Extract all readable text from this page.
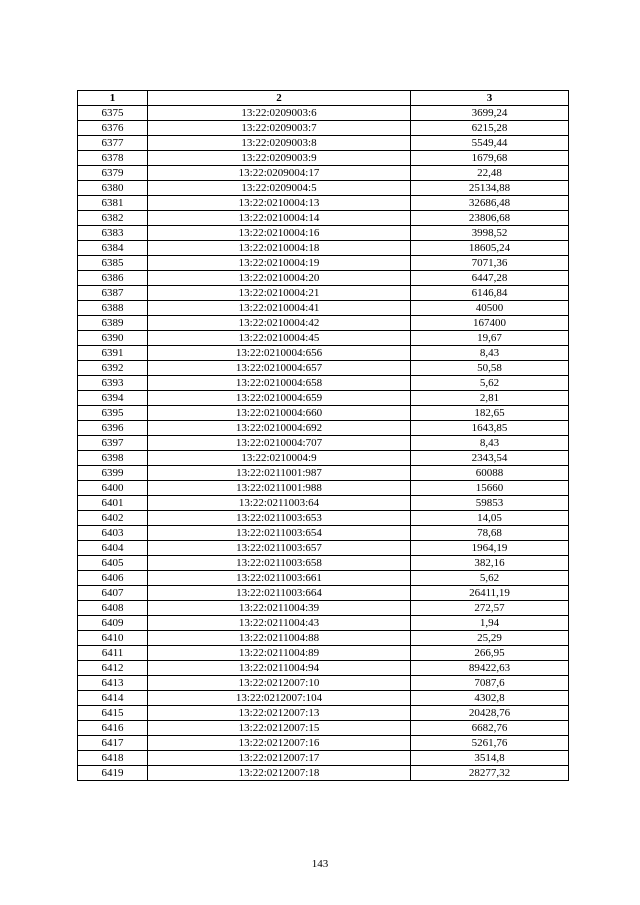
1	2	3
6375	13:22:0209003:6	3699,24
6376	13:22:0209003:7	6215,28
6377	13:22:0209003:8	5549,44
6378	13:22:0209003:9	1679,68
6379	13:22:0209004:17	22,48
6380	13:22:0209004:5	25134,88
6381	13:22:0210004:13	32686,48
6382	13:22:0210004:14	23806,68
6383	13:22:0210004:16	3998,52
6384	13:22:0210004:18	18605,24
6385	13:22:0210004:19	7071,36
6386	13:22:0210004:20	6447,28
6387	13:22:0210004:21	6146,84
6388	13:22:0210004:41	40500
6389	13:22:0210004:42	167400
6390	13:22:0210004:45	19,67
6391	13:22:0210004:656	8,43
6392	13:22:0210004:657	50,58
6393	13:22:0210004:658	5,62
6394	13:22:0210004:659	2,81
6395	13:22:0210004:660	182,65
6396	13:22:0210004:692	1643,85
6397	13:22:0210004:707	8,43
6398	13:22:0210004:9	2343,54
6399	13:22:0211001:987	60088
6400	13:22:0211001:988	15660
6401	13:22:0211003:64	59853
6402	13:22:0211003:653	14,05
6403	13:22:0211003:654	78,68
6404	13:22:0211003:657	1964,19
6405	13:22:0211003:658	382,16
6406	13:22:0211003:661	5,62
6407	13:22:0211003:664	26411,19
6408	13:22:0211004:39	272,57
6409	13:22:0211004:43	1,94
6410	13:22:0211004:88	25,29
6411	13:22:0211004:89	266,95
6412	13:22:0211004:94	89422,63
6413	13:22:0212007:10	7087,6
6414	13:22:0212007:104	4302,8
6415	13:22:0212007:13	20428,76
6416	13:22:0212007:15	6682,76
6417	13:22:0212007:16	5261,76
6418	13:22:0212007:17	3514,8
6419	13:22:0212007:18	28277,32
143
